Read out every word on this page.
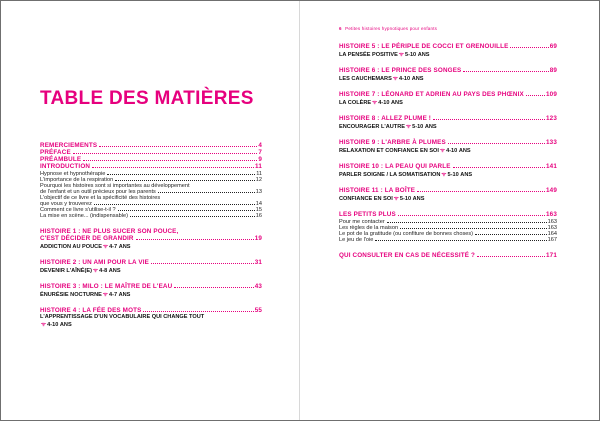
TABLE DES MATIÈRES
REMERCIEMENTS	4
PRÉFACE	7
PRÉAMBULE	9
INTRODUCTION	11
Hypnose et hypnothérapie	11
L'importance de la respiration	12
Pourquoi les histoires sont si importantes au développement
de l'enfant et un outil précieux pour les parents	13
L'objectif de ce livre et la spécificité des histoires
que vous y trouverez	14
Comment ce livre s'utilise-t-il ?	15
La mise en scène... (indispensable)	16
HISTOIRE 1 : NE PLUS SUCER SON POUCE,
C'EST DÉCIDER DE GRANDIR	19
ADDICTION AU POUCEᯤ4-7 ANS
HISTOIRE 2 : UN AMI POUR LA VIE	31
DEVENIR L'AÎNÉ(E)ᯤ4-8 ANS
HISTOIRE 3 : MILO : LE MAÎTRE DE L'EAU	43
ÉNURÉSIE NOCTURNEᯤ4-7 ANS
HISTOIRE 4 : LA FÉE DES MOTS	55
L'APPRENTISSAGE D'UN VOCABULAIRE QUI CHANGE TOUT
ᯤ4-10 ANS
6 Petites histoires hypnotiques pour enfants
HISTOIRE 5 : LE PÉRIPLE DE COCCI ET GRENOUILLE	69
LA PENSÉE POSITIVEᯤ5-10 ANS
HISTOIRE 6 : LE PRINCE DES SONGES	89
LES CAUCHEMARSᯤ4-10 ANS
HISTOIRE 7 : LÉONARD ET ADRIEN AU PAYS DES PHŒNIX	109
LA COLÈREᯤ4-10 ANS
HISTOIRE 8 : ALLEZ PLUME !	123
ENCOURAGER L'AUTREᯤ5-10 ANS
HISTOIRE 9 : L'ARBRE À PLUMES	133
RELAXATION ET CONFIANCE EN SOIᯤ4-10 ANS
HISTOIRE 10 : LA PEAU QUI PARLE	141
PARLER SOIGNE / LA SOMATISATIONᯤ5-10 ANS
HISTOIRE 11 : LA BOÎTE	149
CONFIANCE EN SOIᯤ5-10 ANS
LES PETITS PLUS	163
Pour me contacter	163
Les règles de la maison	163
Le pot de la gratitude (ou confiture de bonnes choses)	164
Le jeu de l'oie	167
QUI CONSULTER EN CAS DE NÉCESSITÉ ?	171
